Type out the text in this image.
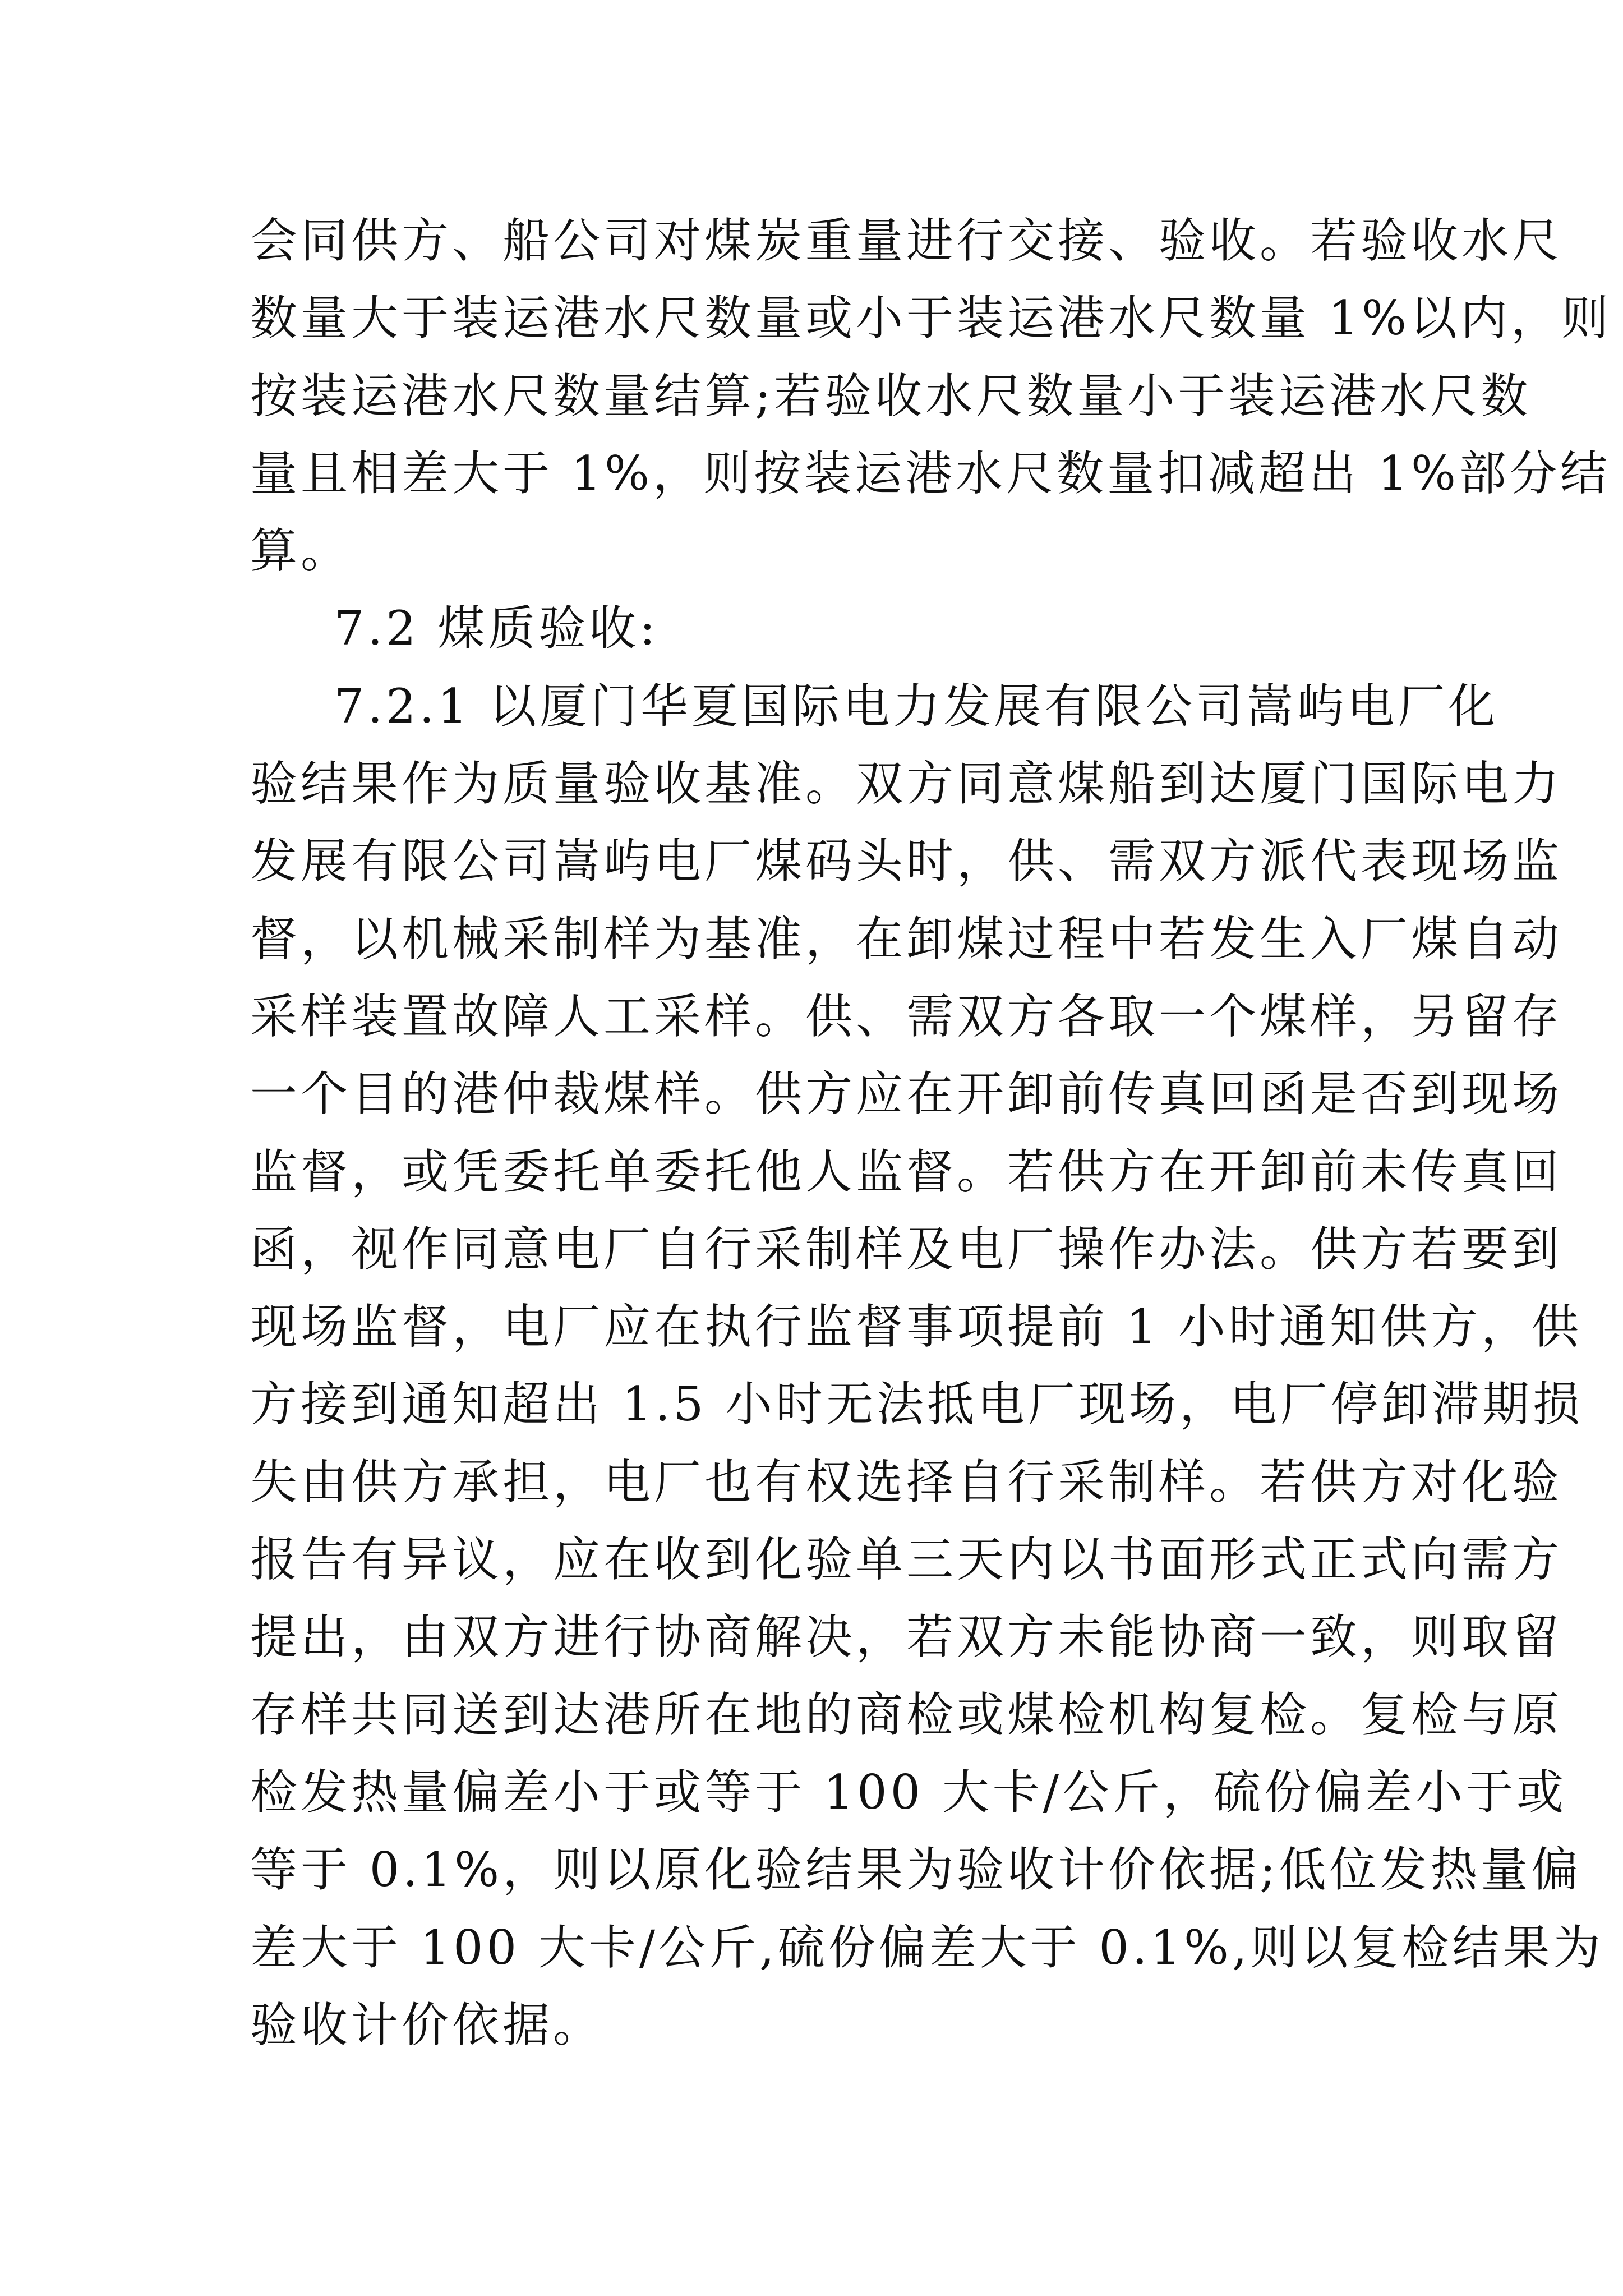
会同供方、船公司对煤炭重量进行交接、验收。若验收水尺
数量大于装运港水尺数量或小于装运港水尺数量 1%以内，则
按装运港水尺数量结算;若验收水尺数量小于装运港水尺数
量且相差大于 1%，则按装运港水尺数量扣减超出 1%部分结
算。
7.2 煤质验收:
7.2.1 以厦门华夏国际电力发展有限公司嵩屿电厂化
验结果作为质量验收基准。双方同意煤船到达厦门国际电力
发展有限公司嵩屿电厂煤码头时，供、需双方派代表现场监
督，以机械采制样为基准，在卸煤过程中若发生入厂煤自动
采样装置故障人工采样。供、需双方各取一个煤样，另留存
一个目的港仲裁煤样。供方应在开卸前传真回函是否到现场
监督，或凭委托单委托他人监督。若供方在开卸前未传真回
函，视作同意电厂自行采制样及电厂操作办法。供方若要到
现场监督，电厂应在执行监督事项提前 1 小时通知供方，供
方接到通知超出 1.5 小时无法抵电厂现场，电厂停卸滞期损
失由供方承担，电厂也有权选择自行采制样。若供方对化验
报告有异议，应在收到化验单三天内以书面形式正式向需方
提出，由双方进行协商解决，若双方未能协商一致，则取留
存样共同送到达港所在地的商检或煤检机构复检。复检与原
检发热量偏差小于或等于 100 大卡/公斤，硫份偏差小于或
等于 0.1%，则以原化验结果为验收计价依据;低位发热量偏
差大于 100 大卡/公斤,硫份偏差大于 0.1%,则以复检结果为
验收计价依据。
